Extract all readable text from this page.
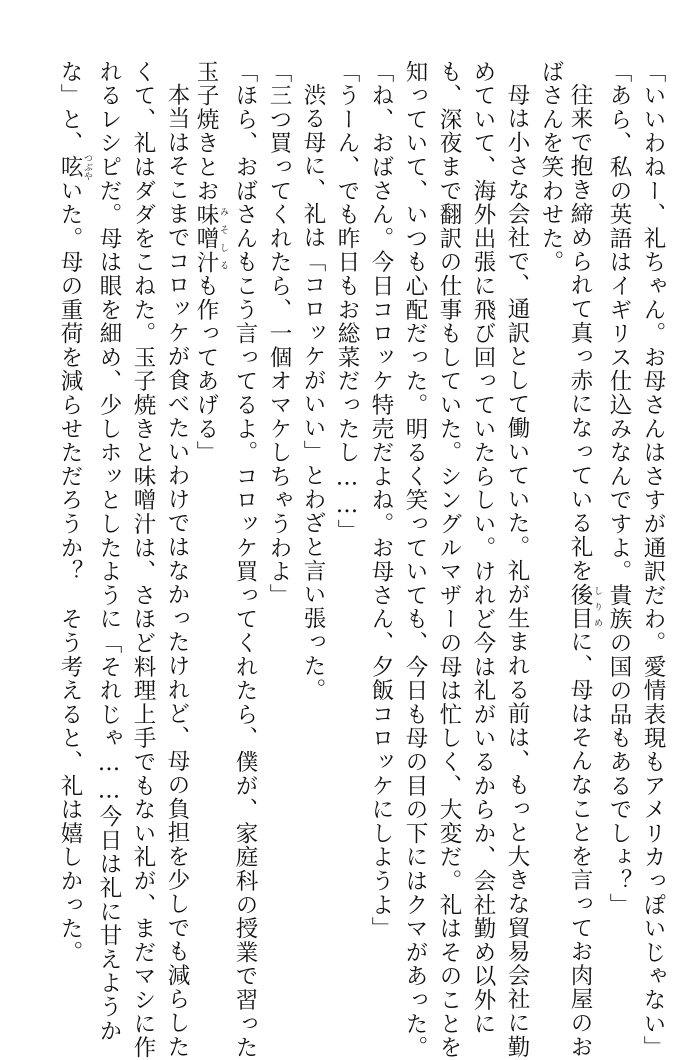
「いいわねー、礼ちゃん。お母さんはさすが通訳だわ。愛情表現もアメリカっぽいじゃない」
「あら、私の英語はイギリス仕込みなんですよ。貴族の国の品もあるでしょ？」
往来で抱き締められて真っ赤になっている礼を後目 しりめに、母はそんなことを言ってお肉屋のお
ばさんを笑わせた。
母は小さな会社で、通訳として働いていた。礼が生まれる前は、もっと大きな貿易会社に勤
めていて、海外出張に飛び回っていたらしい。けれど今は礼がいるからか、会社勤め以外に
も、深夜まで翻訳の仕事もしていた。シングルマザーの母は忙しく、大変だ。礼はそのことを
知っていて、いつも心配だった。明るく笑っていても、今日も母の目の下にはクマがあった。
「ね、おばさん。今日コロッケ特売だよね。お母さん、夕飯コロッケにしようよ」
「うーん、でも昨日もお総菜だったし……」
渋る母に、礼は「コロッケがいい」とわざと言い張った。
「三つ買ってくれたら、一個オマケしちゃうわよ」
「ほら、おばさんもこう言ってるよ。コロッケ買ってくれたら、僕が、家庭科の授業で習った
玉子焼きとお味噌汁 みそしるも作ってあげる」
本当はそこまでコロッケが食べたいわけではなかったけれど、母の負担を少しでも減らした
くて、礼はダダをこねた。玉子焼きと味噌汁は、さほど料理上手でもない礼が、まだマシに作
れるレシピだ。母は眼を細め、少しホッとしたように「それじゃ……今日は礼に甘えようか
な」と、呟 つぶやいた。母の重荷を減らせただろうか？　そう考えると、礼は嬉しかった。
